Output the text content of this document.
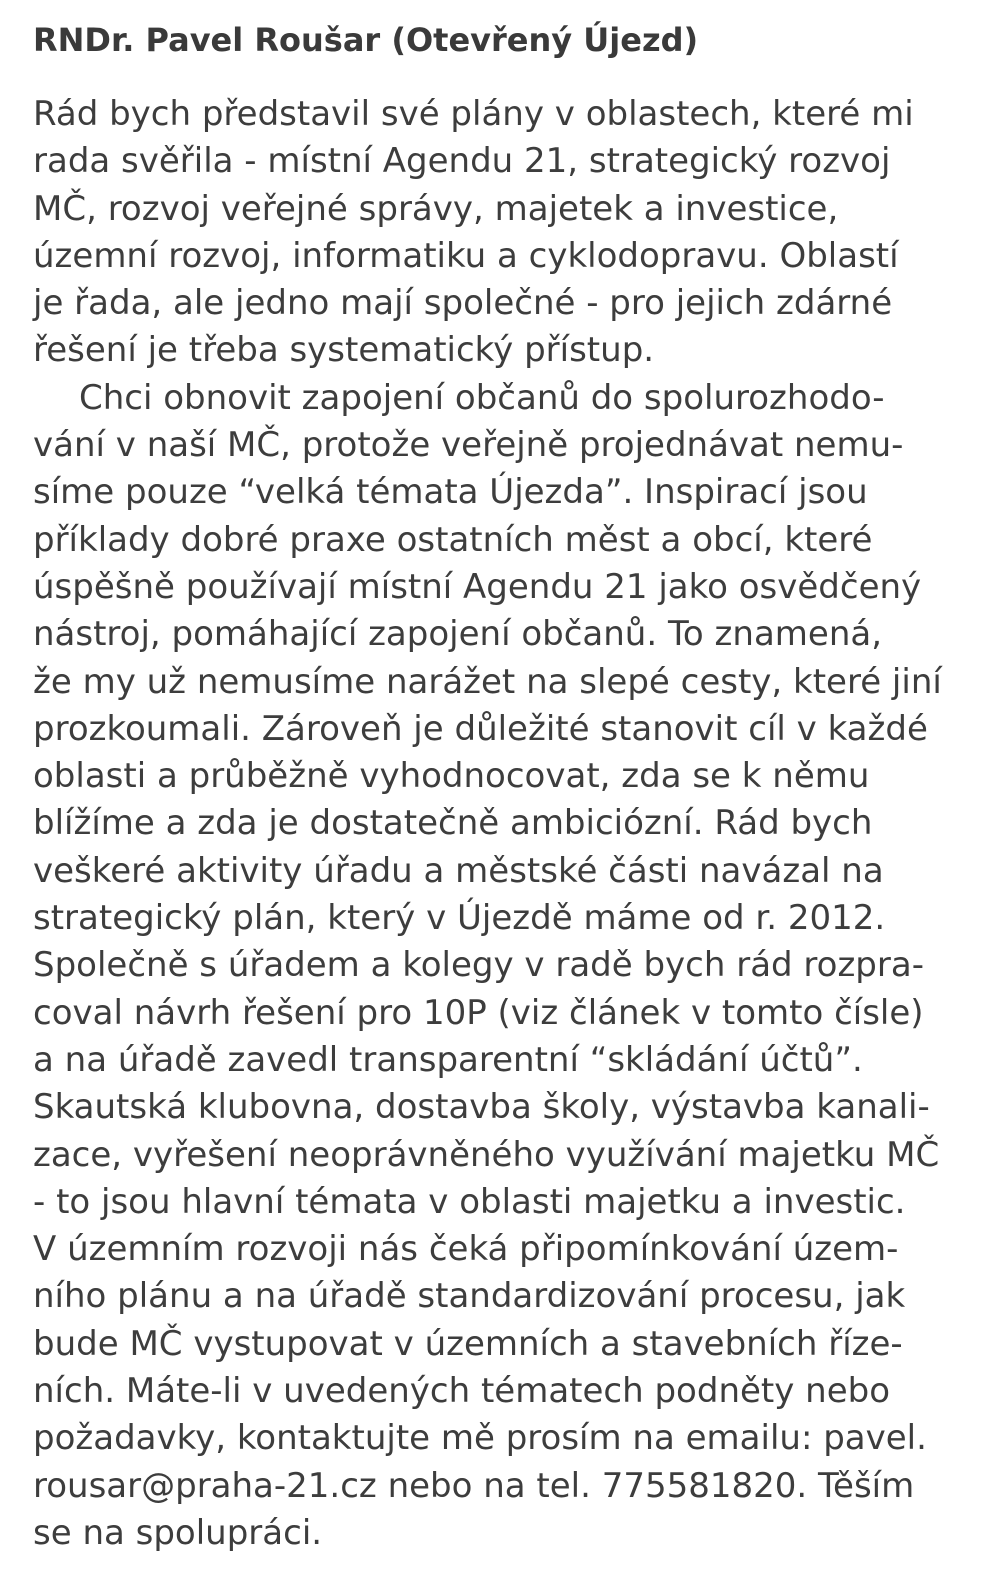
RNDr. Pavel Roušar (Otevřený Újezd)

Rád bych představil své plány v oblastech, které mi
rada svěřila - místní Agendu 21, strategický rozvoj
MČ, rozvoj veřejné správy, majetek a investice,
územní rozvoj, informatiku a cyklodopravu. Oblastí
je řada, ale jedno mají společné - pro jejich zdárné
řešení je třeba systematický přístup.

Chci obnovit zapojení občanů do spolurozhodo-
vání v naší MČ, protože veřejně projednávat nemu-
síme pouze “velká témata Újezda”. Inspirací jsou
příklady dobré praxe ostatních měst a obcí, které
úspěšně používají místní Agendu 21 jako osvědčený
nástroj, pomáhající zapojení občanů. To znamená,
že my už nemusíme narážet na slepé cesty, které jiní
prozkoumali. Zároveň je důležité stanovit cíl v každé
oblasti a průběžně vyhodnocovat, zda se k němu
blížíme a zda je dostatečně ambiciózní. Rád bych
veškeré aktivity úřadu a městské části navázal na
strategický plán, který v Újezdě máme od r. 2012.
Společně s úřadem a kolegy v radě bych rád rozpra-
coval návrh řešení pro 10P (viz článek v tomto čísle)
a na úřadě zavedl transparentní “skládání účtů”.
Skautská klubovna, dostavba školy, výstavba kanali-
zace, vyřešení neoprávněného využívání majetku MČ
- to jsou hlavní témata v oblasti majetku a investic.
V územním rozvoji nás čeká připomínkování územ-
ního plánu a na úřadě standardizování procesu, jak
bude MČ vystupovat v územních a stavebních říze-
ních. Máte-li v uvedených tématech podněty nebo
požadavky, kontaktujte mě prosím na emailu: pavel.
rousar@praha-21.cz nebo na tel. 775581820. Těším
se na spolupráci.
